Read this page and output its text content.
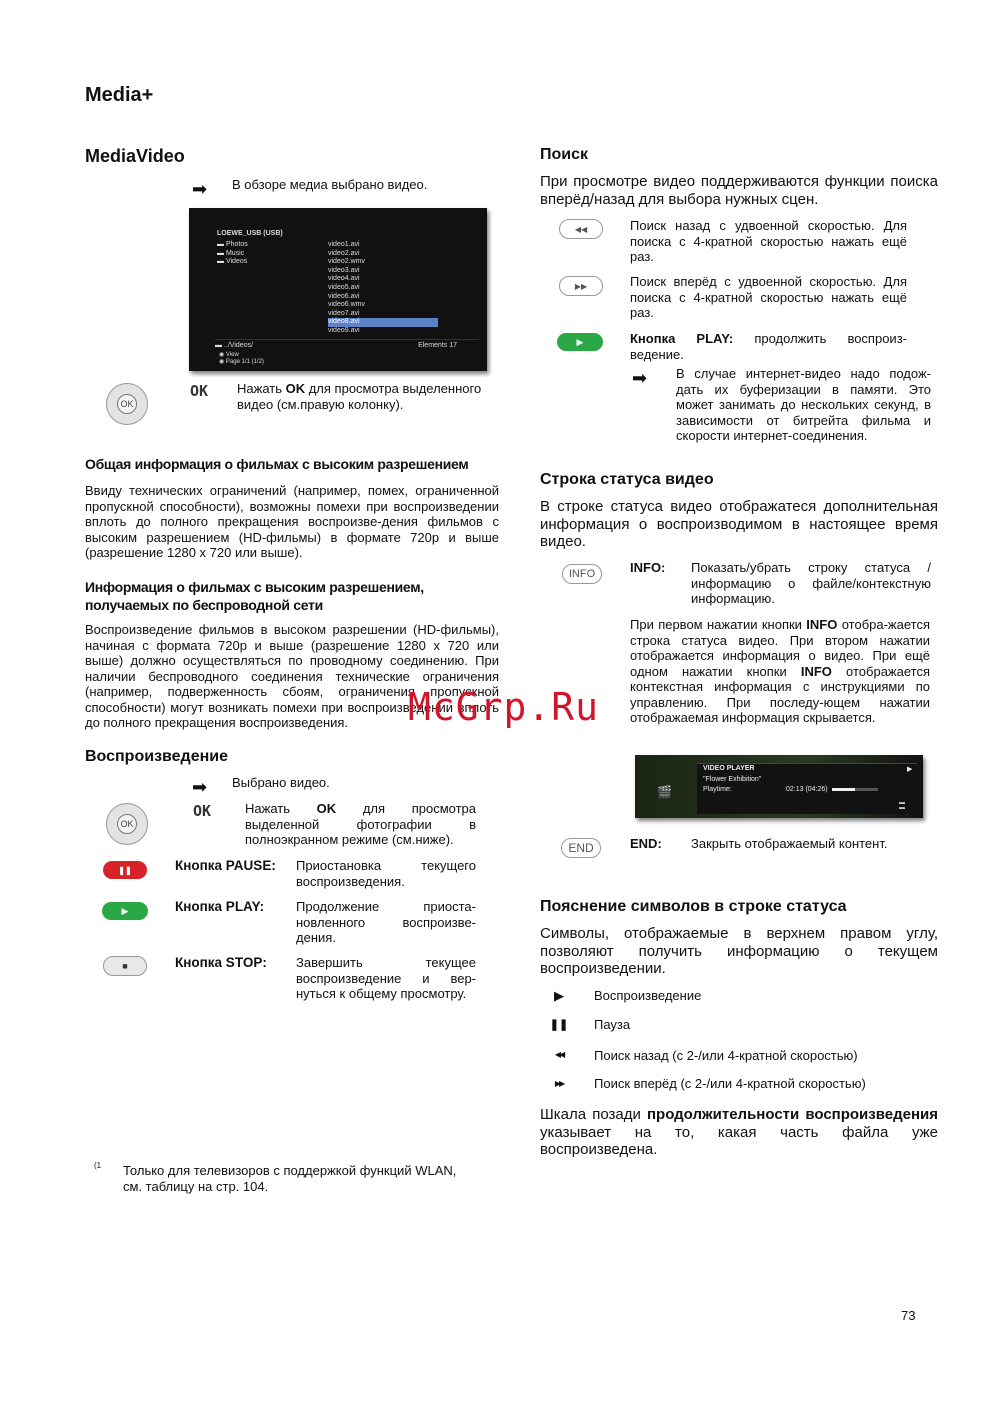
Media+
MediaVideo
➡ В обзоре медиа выбрано видео.
LOEWE_USB (USB)
▬ Photos
▬ Music
▬ Videos
video1.avi
video2.avi
video2.wmv
video3.avi
video4.avi
video5.avi
video6.avi
video6.wmv
video7.avi
video8.avi
video9.avi
▬ ../Videos/	Elements 17
◉ View
◉ Page 1/1 (1/2)
OK
OK Нажать OK для просмотра выделенного видео (см.правую колонку).
Общая информация о фильмах с высоким разрешением
Ввиду технических ограничений (например, помех, ограниченной пропускной способности), возможны помехи при воспроизведении вплоть до полного прекращения воспроизве-дения фильмов с высоким разрешением (HD-фильмы) в формате 720p и выше (разрешение 1280 x 720 или выше).
Информация о фильмах с высоким разрешением,
получаемых по беспроводной сети
Воспроизведение фильмов в высоком разрешении (HD-фильмы), начиная с формата 720p и выше (разрешение 1280 x 720 или выше) должно осуществляться по проводному соединению. При наличии беспроводного соединения технические ограничения (например, подверженность сбоям, ограничения пропускной способности) могут возникать помехи при воспроизведении вплоть до полного прекращения воспроизведения.
Воспроизведение
➡ Выбрано видео.
OK
OK	Нажать OK для просмотра выделенной фотографии в полноэкранном режиме (см.ниже).
❚❚	Кнопка PAUSE: Приостановка текущего воспроизведения.
▶	Кнопка PLAY: Продолжение приоста-новленного воспроизве-дения.
■	Кнопка STOP: Завершить текущее воспроизведение и вер-нуться к общему просмотру.
(1 Только для телевизоров с поддержкой функций WLAN,
см. таблицу на стр. 104.
Поиск
При просмотре видео поддерживаются функции поиска вперёд/назад для выбора нужных сцен.
◀◀	Поиск назад с удвоенной скоростью. Для поиска с 4-кратной скоростью нажать ещё раз.
▶▶	Поиск вперёд с удвоенной скоростью. Для поиска с 4-кратной скоростью нажать ещё раз.
▶	Кнопка PLAY: продолжить воспроиз-ведение.
➡ В случае интернет-видео надо подож-дать их буферизации в памяти. Это может занимать до нескольких секунд, в зависимости от битрейта фильма и скорости интернет-соединения.
Строка статуса видео
В строке статуса видео отображатеся дополнительная информация о воспроизводимом в настоящее время видео.
INFO	INFO: Показать/убрать строку статуса / информацию о файле/контекстную информацию.
При первом нажатии кнопки INFO отобра-жается строка статуса видео. При втором нажатии отображается информация о видео. При ещё одном нажатии кнопки INFO отображается контекстная информация с инструкциями по управлению. При последу-ющем нажатии отображаемая информация скрывается.
🎬
VIDEO PLAYER	▶
"Flower Exhibition"
Playtime:	02:13 (04:26)
▬
▬
END	END: Закрыть отображаемый контент.
Пояснение символов в строке статуса
Символы, отображаемые в верхнем правом углу, позволяют получить информацию о текущем воспроизведении.
▶	Воспроизведение
❚❚ Пауза
◀◀	Поиск назад (с 2-/или 4-кратной скоростью)
▶▶	Поиск вперёд (с 2-/или 4-кратной скоростью)
Шкала позади продолжительности воспроизведения указывает на то, какая часть файла уже воспроизведена.
McGrp.Ru
73
